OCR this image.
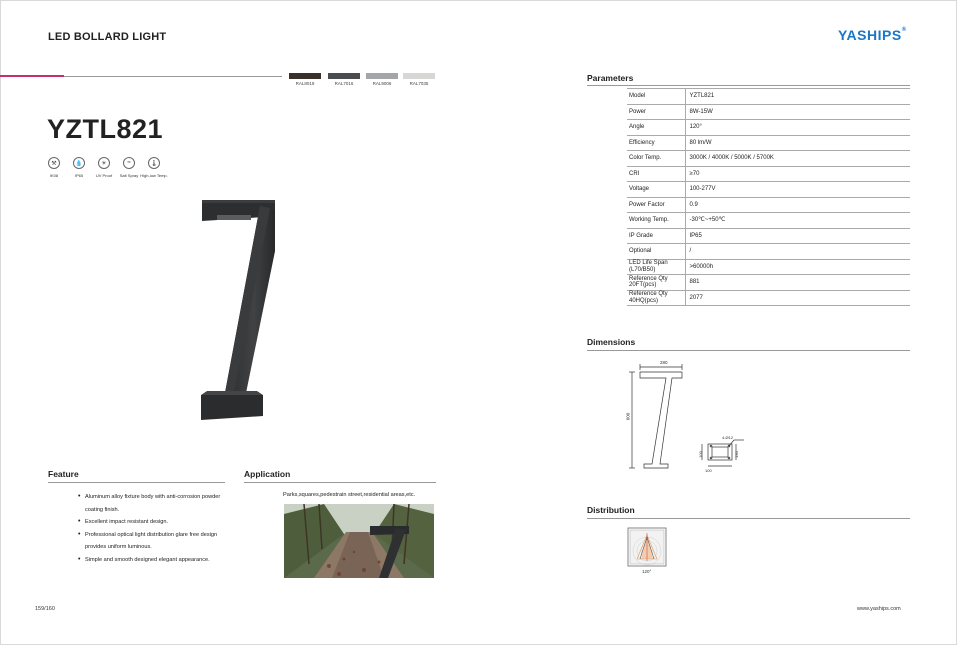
LED BOLLARD LIGHT	YASHIPS®
RAL8019	RAL7016	RAL9006	RAL7035
YZTL821
⚒	💧	☀	≈	🌡
IK08	IP65	UV Proof	Salt Spray High-low Temp.
Feature
• Aluminum alloy fixture body with anti-corrosion powder coating finish.
• Excellent impact resistant design.
• Professional optical light distribution glare free design provides uniform luminous.
• Simple and smooth designed elegant appearance.
Application
Parks,squares,pedestrain street,residential areas,etc.
Parameters
Model	YZTL821
Power	8W-15W
Angle	120°
Efficiency	80 lm/W
Color Temp.	3000K / 4000K / 5000K / 5700K
CRI	≥70
Voltage	100-277V
Power Factor	0.9
Working Temp.	-30℃~+50℃
IP Grade	IP65
Optional	/
LED Life Span (L70/B50)	>60000h
Reference Qty 20FT(pcs)	881
Reference Qty 40HQ(pcs)	2077
Dimensions
280
600
100
100
130
4-Ø12
Distribution
120°
159/160	www.yaships.com
